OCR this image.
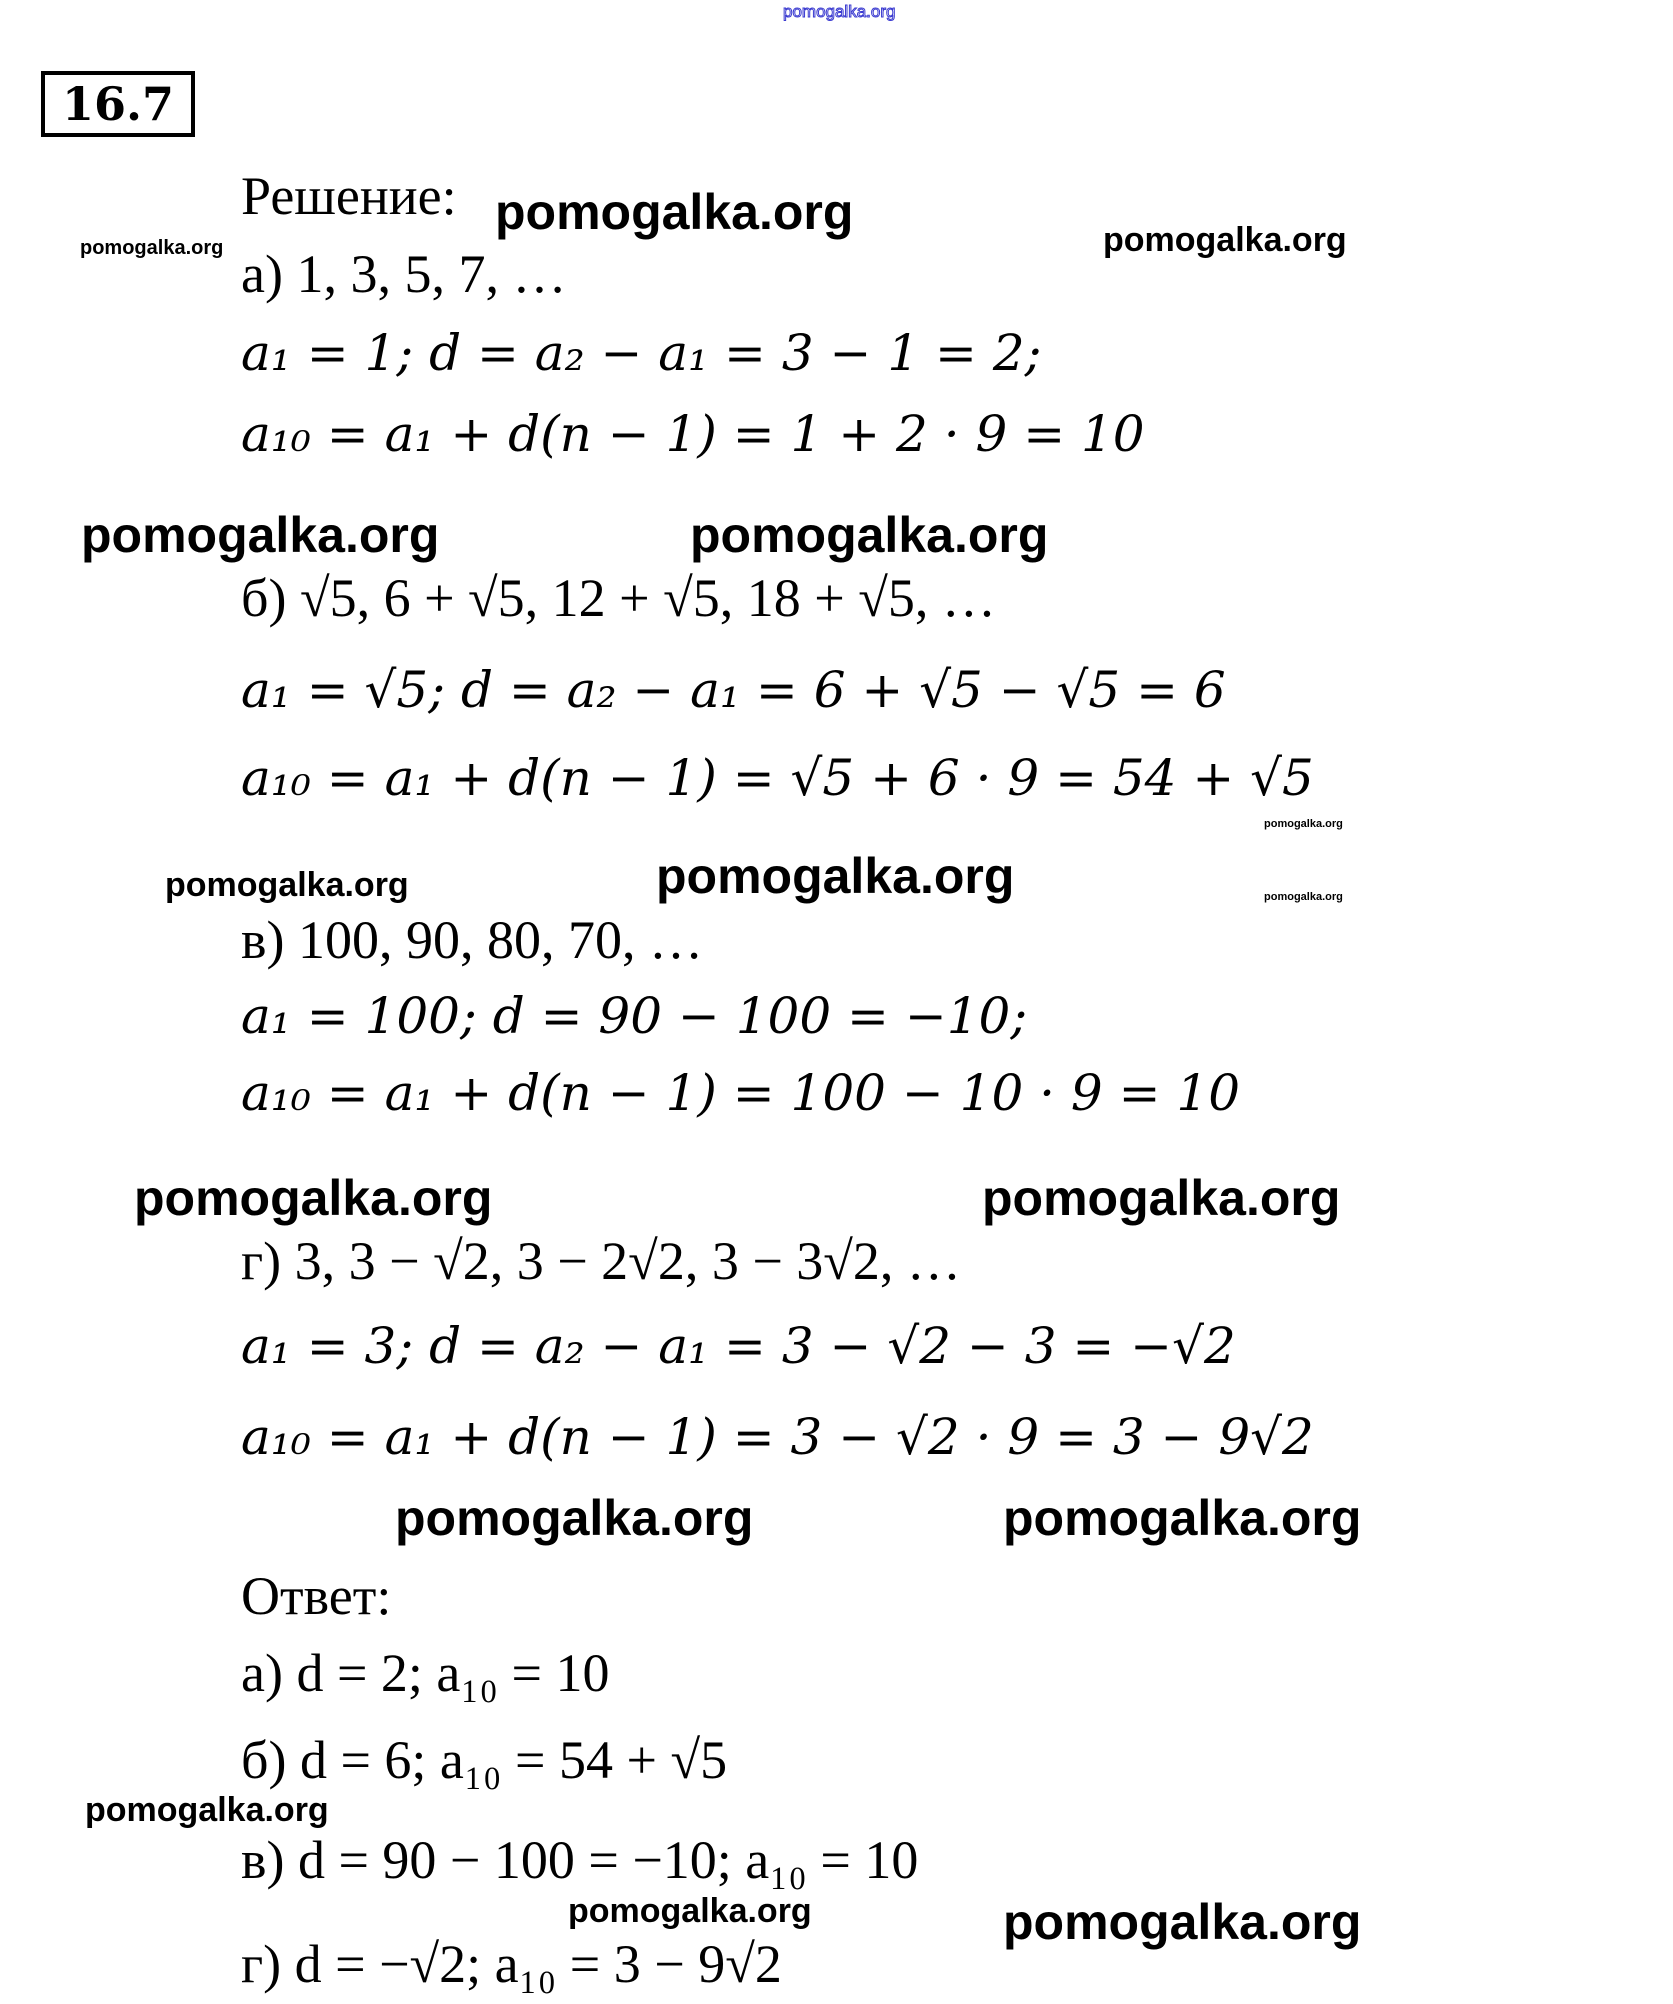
16.7
Решение:
а) 1, 3, 5, 7, …
a₁ = 1; d = a₂ − a₁ = 3 − 1 = 2;
a₁₀ = a₁ + d(n − 1) = 1 + 2 · 9 = 10
б) √5, 6 + √5, 12 + √5, 18 + √5, …
a₁ = √5; d = a₂ − a₁ = 6 + √5 − √5 = 6
a₁₀ = a₁ + d(n − 1) = √5 + 6 · 9 = 54 + √5
в) 100, 90, 80, 70, …
a₁ = 100; d = 90 − 100 = −10;
a₁₀ = a₁ + d(n − 1) = 100 − 10 · 9 = 10
г) 3, 3 − √2, 3 − 2√2, 3 − 3√2, …
a₁ = 3; d = a₂ − a₁ = 3 − √2 − 3 = −√2
a₁₀ = a₁ + d(n − 1) = 3 − √2 · 9 = 3 − 9√2
Ответ:
а) d = 2; a₁₀ = 10
б) d = 6; a₁₀ = 54 + √5
в) d = 90 − 100 = −10; a₁₀ = 10
г) d = −√2; a₁₀ = 3 − 9√2
pomogalka.org
pomogalka.org
pomogalka.org	pomogalka.org
pomogalka.org	pomogalka.org
pomogalka.org
pomogalka.org
pomogalka.org	pomogalka.org
pomogalka.org	pomogalka.org
pomogalka.org	pomogalka.org
pomogalka.org
pomogalka.org	pomogalka.org
